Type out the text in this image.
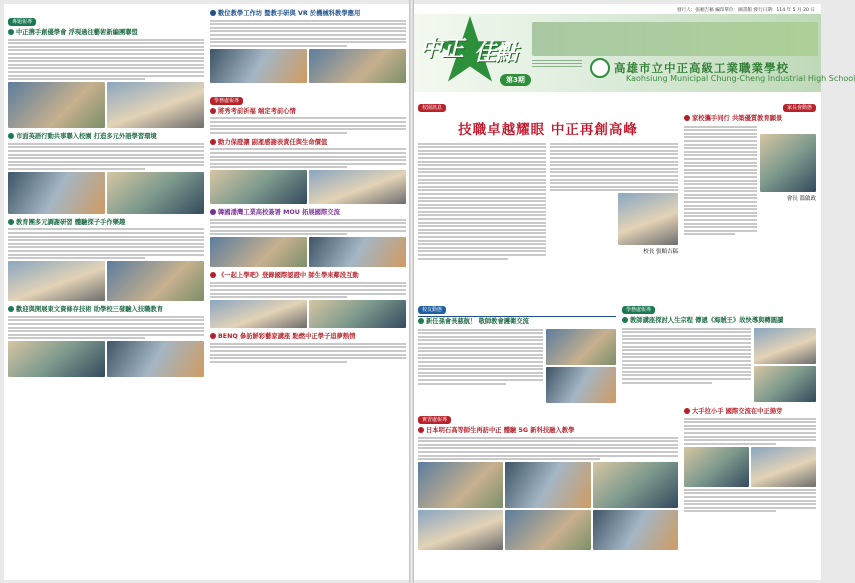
專題報導
中正携手創優學會 浮現過往藝術新編團聯盟
市面英語行動共事聯入校園 打造多元外語學習環境
教育團多元調謝研習 體驗探子手作樂趣
歡迎與開展東文資條存技術 助學校三發驗入技職教育
數位教學工作坊 暨教手研與 VR 於機械科教學應用
學務處報導
將秀考前祈福 端定考前心情
動力保證讓 副產感謝表責任與生命價值
韓國潘灣工業高校簽署 MOU 拓展國際交流
《一起上學吧》登錄國際認證中 師生學來鄰段互動
BENQ 參訪鮮彩藝家講座 點燃中正學子追夢熱情
發行人：張順吉稿 編印單位：圖書館 發行日期：114 年 5 月 20 日
中正 佳點
第3期
高雄市立中正高級工業職業學校
Kaohsiung Municipal Chung-Cheng Industrial High School
校園訊息
技職卓越耀眼 中正再創高峰
校長 張順吉稿
家長會動態
家校攜手同行 共築優質教育願景
會長 溫啟政
校友動態
新任孫會長慈航！ 敬師教會護衛交流
學務處報導
教師講座探討人生宗程 傳遞《海賊王》故快導與轉圓讀
實習處報導
日本明石高等師生再訪中正 體驗 5G 新科技融入教學
大手拉小手 國際交流在中正揚芽
